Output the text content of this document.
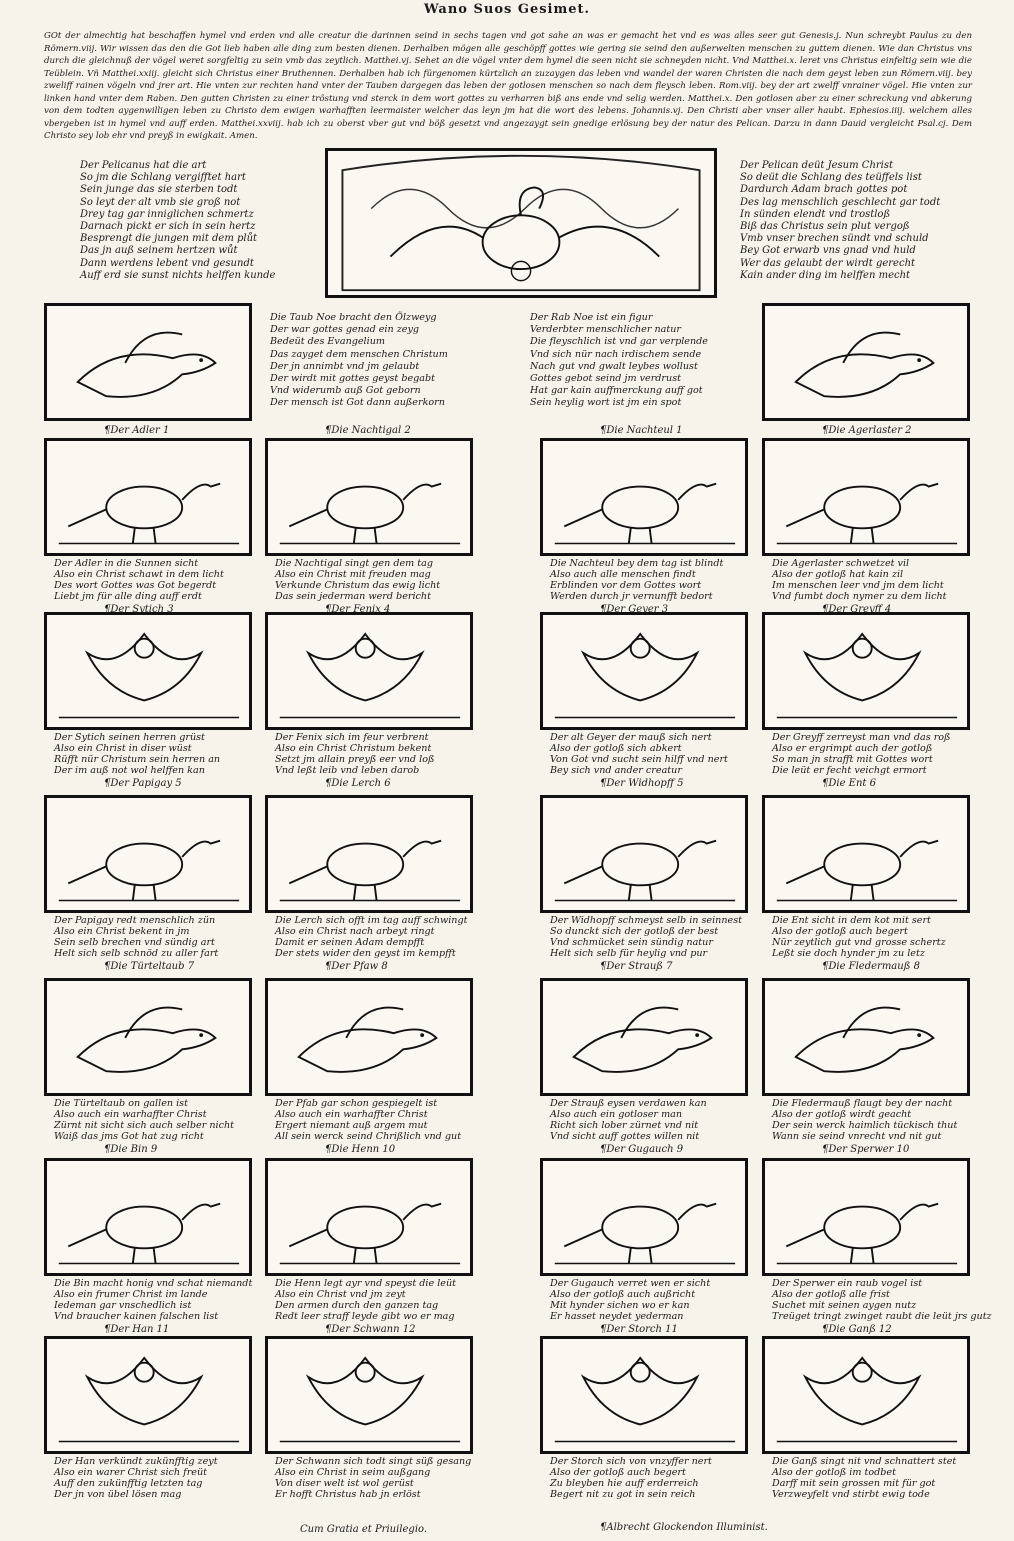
Wano Suos Gesimet.
GOt der almechtig hat beschaffen hymel vnd erden vnd alle creatur die darinnen seind in sechs tagen vnd got sahe an was er gemacht het vnd es was alles seer gut Genesis.j. Nun schreybt Paulus zu den Römern.viij. Wir wissen das den die Got lieb haben alle ding zum besten dienen. Derhalben mögen alle geschöpff gottes wie gering sie seind den außerwelten menschen zu guttem dienen. Wie dan Christus vns durch die gleichnuß der vögel weret sorgfeltig zu sein vmb das zeytlich. Matthei.vj. Sehet an die vögel vnter dem hymel die seen nicht sie schneyden nicht. Vnd Matthei.x. leret vns Christus einfeltig sein wie die Teüblein. Vñ Matthei.xxiij. gleicht sich Christus einer Bruthennen. Derhalben hab ich fürgenomen kürtzlich an zuzaygen das leben vnd wandel der waren Christen die nach dem geyst leben zun Römern.viij. bey zweliff rainen vögeln vnd jrer art. Hie vnten zur rechten hand vnter der Tauben dargegen das leben der gotlosen menschen so nach dem fleysch leben. Rom.viij. bey der art zwelff vnrainer vögel. Hie vnten zur linken hand vnter dem Raben. Den gutten Christen zu einer trôstung vnd sterck in dem wort gottes zu verharren biß ans ende vnd selig werden. Matthei.x. Den gotlosen aber zu einer schreckung vnd abkerung von dem todten aygenwilligen leben zu Christo dem ewigen warhafften leermaister welcher das leyn jm hat die wort des lebens. Johannis.vj. Den Christi aber vnser aller haubt. Ephesios.iiij. welchem alles vbergeben ist in hymel vnd auff erden. Matthei.xxviij. hab ich zu oberst vber gut vnd böß gesetzt vnd angezaygt sein gnedige erlösung bey der natur des Pelican. Darzu in dann Dauid vergleicht Psal.cj. Dem Christo sey lob ehr vnd preyß in ewigkait. Amen.
Der Pelicanus hat die art
So jm die Schlang vergifftet hart
Sein junge das sie sterben todt
So leyt der alt vmb sie groß not
Drey tag gar inniglichen schmertz
Darnach pickt er sich in sein hertz
Besprengt die jungen mit dem plůt
Das jn auß seinem hertzen wůt
Dann werdens lebent vnd gesundt
Auff erd sie sunst nichts helffen kunde
Der Pelican deüt Jesum Christ
So deüt die Schlang des teüffels list
Dardurch Adam brach gottes pot
Des lag menschlich geschlecht gar todt
In sünden elendt vnd trostloß
Biß das Christus sein plut vergoß
Vmb vnser brechen sündt vnd schuld
Bey Got erwarb vns gnad vnd huld
Wer das gelaubt der wirdt gerecht
Kain ander ding im helffen mecht
Die Taub Noe bracht den Ölzweyg
Der war gottes genad ein zeyg
Bedeüt des Evangelium
Das zayget dem menschen Christum
Der jn annimbt vnd jm gelaubt
Der wirdt mit gottes geyst begabt
Vnd widerumb auß Got geborn
Der mensch ist Got dann außerkorn
Der Rab Noe ist ein figur
Verderbter menschlicher natur
Die fleyschlich ist vnd gar verplende
Vnd sich nür nach irdischem sende
Nach gut vnd gwalt leybes wollust
Gottes gebot seind jm verdrust
Hat gar kain auffmerckung auff got
Sein heylig wort ist jm ein spot
¶Der Adler 1	¶Die Nachtigal 2
Der Adler in die Sunnen sicht
Also ein Christ schawt in dem licht
Des wort Gottes was Got begerdt
Liebt jm für alle ding auff erdt
¶Der Sytich 3
Die Nachtigal singt gen dem tag
Also ein Christ mit freuden mag
Verkunde Christum das ewig licht
Das sein jederman werd bericht
¶Der Fenix 4
Der Sytich seinen herren grüst
Also ein Christ in diser wüst
Rüfft nür Christum sein herren an
Der im auß not wol helffen kan
¶Der Papigay 5
Der Fenix sich im feur verbrent
Also ein Christ Christum bekent
Setzt jm allain preyß eer vnd loß
Vnd leßt leib vnd leben darob
¶Die Lerch 6
Der Papigay redt menschlich zün
Also ein Christ bekent in jm
Sein selb brechen vnd sündig art
Helt sich selb schnöd zu aller fart
¶Die Türteltaub 7
Die Lerch sich offt im tag auff schwingt
Also ein Christ nach arbeyt ringt
Damit er seinen Adam dempfft
Der stets wider den geyst im kempfft
¶Der Pfaw 8
Die Türteltaub on gallen ist
Also auch ein warhaffter Christ
Zürnt nit sicht sich auch selber nicht
Waiß das jms Got hat zug richt
¶Die Bin 9
Der Pfab gar schon gespiegelt ist
Also auch ein warhaffter Christ
Ergert niemant auß argem mut
All sein werck seind Chrißlich vnd gut
¶Die Henn 10
Die Bin macht honig vnd schat niemandt
Also ein frumer Christ im lande
Iedeman gar vnschedlich ist
Vnd braucher kainen falschen list
¶Der Han 11
Die Henn legt ayr vnd speyst die leüt
Also ein Christ vnd jm zeyt
Den armen durch den ganzen tag
Redt leer straff leyde gibt wo er mag
¶Der Schwann 12
Der Han verkündt zukünfftig zeyt
Also ein warer Christ sich freüt
Auff den zukünfftig letzten tag
Der jn von übel lösen mag
Der Schwann sich todt singt süß gesang
Also ein Christ in seim außgang
Von diser welt ist wol gerüst
Er hofft Christus hab jn erlöst
¶Die Nachteul 1	¶Die Agerlaster 2
Die Nachteul bey dem tag ist blindt
Also auch alle menschen findt
Erblinden vor dem Gottes wort
Werden durch jr vernunfft bedort
¶Der Geyer 3
Die Agerlaster schwetzet vil
Also der gotloß hat kain zil
Im menschen leer vnd jm dem licht
Vnd fumbt doch nymer zu dem licht
¶Der Greyff 4
Der alt Geyer der mauß sich nert
Also der gotloß sich abkert
Von Got vnd sucht sein hilff vnd nert
Bey sich vnd ander creatur
¶Der Widhopff 5
Der Greyff zerreyst man vnd das roß
Also er ergrimpt auch der gotloß
So man jn strafft mit Gottes wort
Die leüt er fecht veichgt ermort
¶Die Ent 6
Der Widhopff schmeyst selb in seinnest
So dunckt sich der gotloß der best
Vnd schmücket sein sündig natur
Helt sich selb für heylig vnd pur
¶Der Strauß 7
Die Ent sicht in dem kot mit sert
Also der gotloß auch begert
Nür zeytlich gut vnd grosse schertz
Leßt sie doch hynder jm zu letz
¶Die Fledermauß 8
Der Strauß eysen verdawen kan
Also auch ein gotloser man
Richt sich lober zürnet vnd nit
Vnd sicht auff gottes willen nit
¶Der Gugauch 9
Die Fledermauß flaugt bey der nacht
Also der gotloß wirdt geacht
Der sein werck haimlich tückisch thut
Wann sie seind vnrecht vnd nit gut
¶Der Sperwer 10
Der Gugauch verret wen er sicht
Also der gotloß auch außricht
Mit hynder sichen wo er kan
Er hasset neydet yederman
¶Der Storch 11
Der Sperwer ein raub vogel ist
Also der gotloß alle frist
Suchet mit seinen aygen nutz
Treüget tringt zwinget raubt die leüt jrs gutz
¶Die Ganß 12
Der Storch sich von vnzyffer nert
Also der gotloß auch begert
Zu bleyben hie auff erderreich
Begert nit zu got in sein reich
Die Ganß singt nit vnd schnattert stet
Also der gotloß im todbet
Darff mit sein grossen mit für got
Verzweyfelt vnd stirbt ewig tode
¶Albrecht Glockendon Illuminist.
Cum Gratia et Priuilegio.
